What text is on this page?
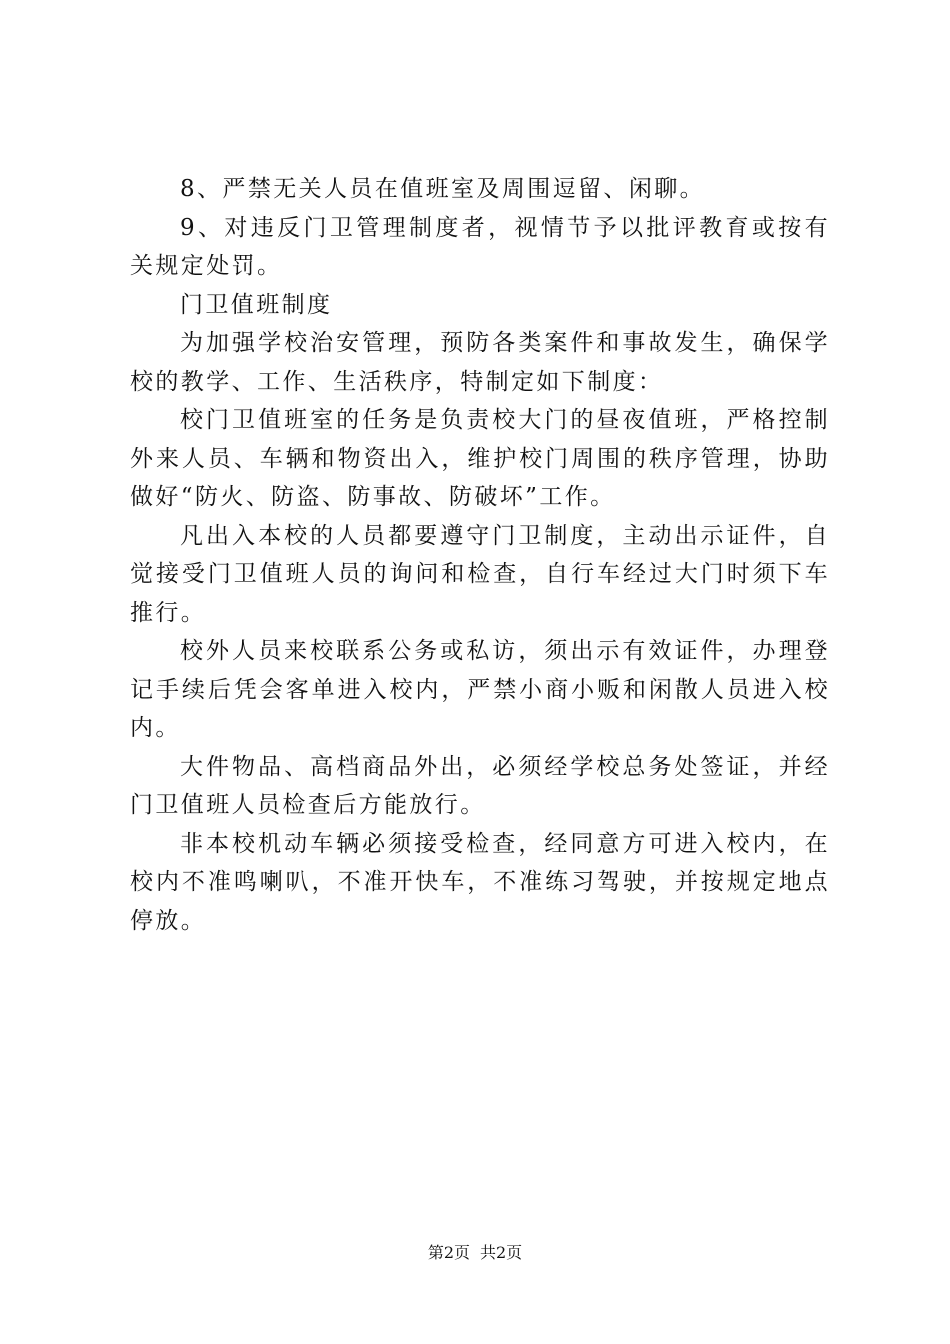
8、严禁无关人员在值班室及周围逗留、闲聊。

9、对违反门卫管理制度者，视情节予以批评教育或按有关规定处罚。

门卫值班制度

为加强学校治安管理，预防各类案件和事故发生，确保学校的教学、工作、生活秩序，特制定如下制度：

校门卫值班室的任务是负责校大门的昼夜值班，严格控制外来人员、车辆和物资出入，维护校门周围的秩序管理，协助做好“防火、防盗、防事故、防破坏”工作。

凡出入本校的人员都要遵守门卫制度，主动出示证件，自觉接受门卫值班人员的询问和检查，自行车经过大门时须下车推行。

校外人员来校联系公务或私访，须出示有效证件，办理登记手续后凭会客单进入校内，严禁小商小贩和闲散人员进入校内。

大件物品、高档商品外出，必须经学校总务处签证，并经门卫值班人员检查后方能放行。

非本校机动车辆必须接受检查，经同意方可进入校内，在校内不准鸣喇叭，不准开快车，不准练习驾驶，并按规定地点停放。

第2页 共2页
